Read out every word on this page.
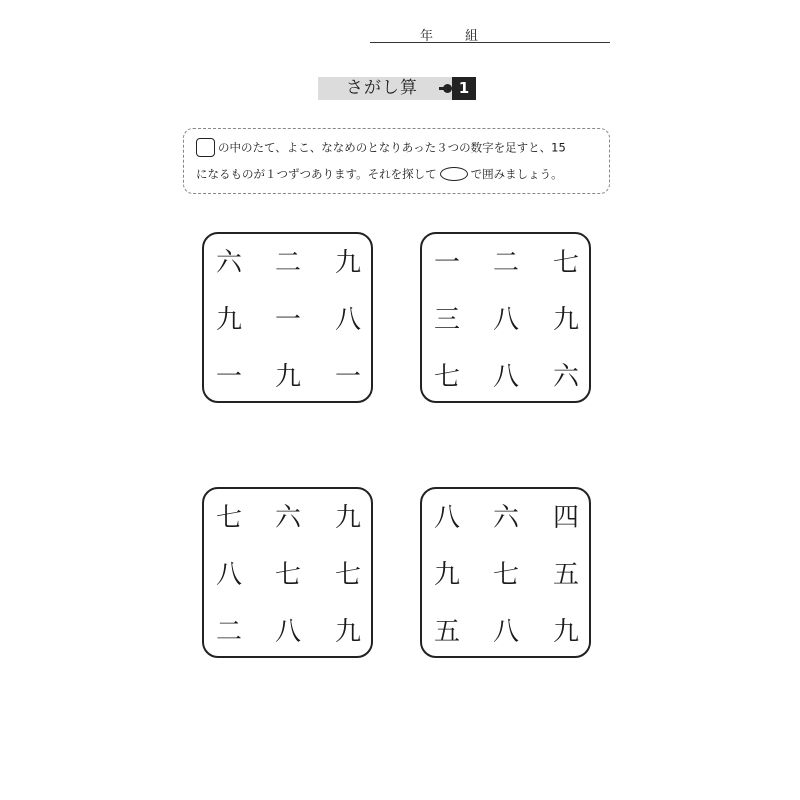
年 組
さがし算	1
の中のたて、よこ、ななめのとなりあった３つの数字を足すと、15
になるものが１つずつあります。それを探して	で囲みましょう。
六 二 九
九 一 八
一 九 一
一 二 七
三 八 九
七 八 六
七 六 九
八 七 七
二 八 九
八 六 四
九 七 五
五 八 九
